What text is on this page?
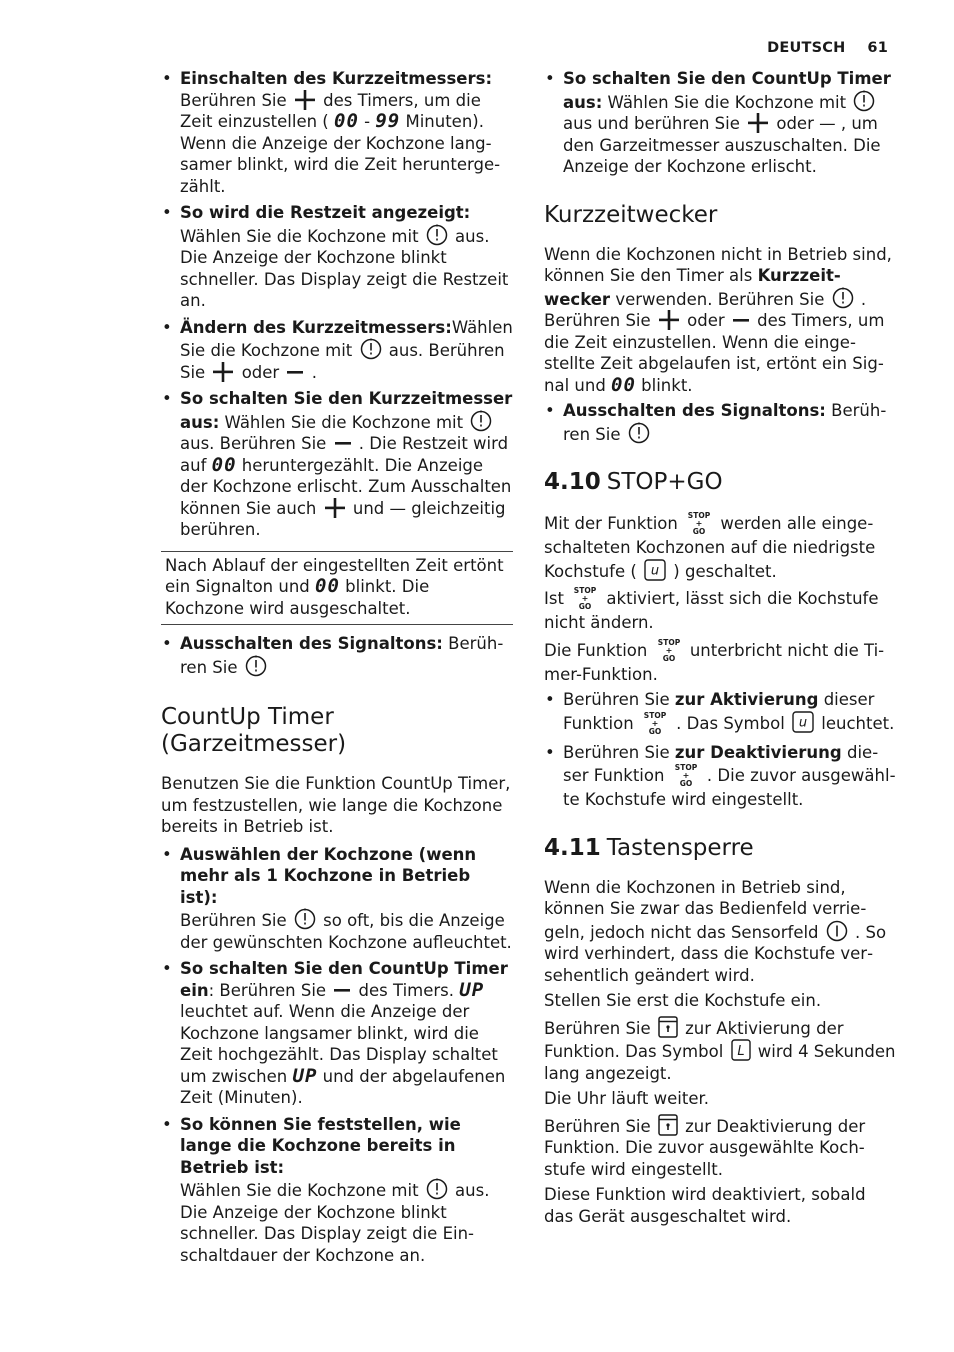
DEUTSCH 61
• Einschalten des Kurzzeitmessers: Berühren Sie
des Timers, um die Zeit einzustellen ( 00 - 99 Minuten). Wenn die Anzeige der Kochzone langsamer blinkt, wird die Zeit heruntergezählt.
• So wird die Restzeit angezeigt:
Wählen Sie die Kochzone mit
aus. Die Anzeige der Kochzone blinkt schneller. Das Display zeigt die Restzeit an.
• Ändern des Kurzzeitmessers:Wählen Sie die Kochzone mit
aus. Berühren Sie
oder
.
• So schalten Sie den Kurzzeitmesser aus: Wählen Sie die Kochzone mit
aus. Berühren Sie
. Die Restzeit wird auf 00 heruntergezählt. Die Anzeige der Kochzone erlischt. Zum Ausschalten können Sie auch
und — gleichzeitig berühren.
Nach Ablauf der eingestellten Zeit ertönt ein Signalton und 00 blinkt. Die Kochzone wird ausgeschaltet.
• Ausschalten des Signaltons: Berühren Sie
CountUp Timer (Garzeitmesser)

Benutzen Sie die Funktion CountUp Timer, um festzustellen, wie lange die Kochzone bereits in Betrieb ist.

• Auswählen der Kochzone (wenn mehr als 1 Kochzone in Betrieb ist):
Berühren Sie
so oft, bis die Anzeige der gewünschten Kochzone aufleuchtet.
• So schalten Sie den CountUp Timer ein: Berühren Sie
des Timers. UP leuchtet auf. Wenn die Anzeige der Kochzone langsamer blinkt, wird die Zeit hochgezählt. Das Display schaltet um zwischen UP und der abgelaufenen Zeit (Minuten).
• So können Sie feststellen, wie lange die Kochzone bereits in Betrieb ist:
Wählen Sie die Kochzone mit
aus. Die Anzeige der Kochzone blinkt schneller. Das Display zeigt die Einschaltdauer der Kochzone an.
• So schalten Sie den CountUp Timer aus: Wählen Sie die Kochzone mit
aus und berühren Sie
oder — , um den Garzeitmesser auszuschalten. Die Anzeige der Kochzone erlischt.
Kurzzeitwecker

Wenn die Kochzonen nicht in Betrieb sind, können Sie den Timer als Kurzzeitwecker verwenden. Berühren Sie
. Berühren Sie
oder
des Timers, um die Zeit einzustellen. Wenn die eingestellte Zeit abgelaufen ist, ertönt ein Signal und 00 blinkt.

• Ausschalten des Signaltons: Berühren Sie
4.10 STOP+GO

Mit der Funktion STOP
+
GO werden alle eingeschalteten Kochzonen auf die niedrigste Kochstufe ( u ) geschaltet.

Ist STOP
+
GO aktiviert, lässt sich die Kochstufe nicht ändern.

Die Funktion STOP
+
GO unterbricht nicht die Timer-Funktion.

• Berühren Sie zur Aktivierung dieser Funktion STOP
+
GO . Das Symbol u leuchtet.
• Berühren Sie zur Deaktivierung dieser Funktion STOP
+
GO . Die zuvor ausgewählte Kochstufe wird eingestellt.
4.11 Tastensperre

Wenn die Kochzonen in Betrieb sind, können Sie zwar das Bedienfeld verriegeln, jedoch nicht das Sensorfeld
. So wird verhindert, dass die Kochstufe versehentlich geändert wird.

Stellen Sie erst die Kochstufe ein.

Berühren Sie
zur Aktivierung der Funktion. Das Symbol L wird 4 Sekunden lang angezeigt.

Die Uhr läuft weiter.

Berühren Sie
zur Deaktivierung der Funktion. Die zuvor ausgewählte Kochstufe wird eingestellt.

Diese Funktion wird deaktiviert, sobald das Gerät ausgeschaltet wird.
